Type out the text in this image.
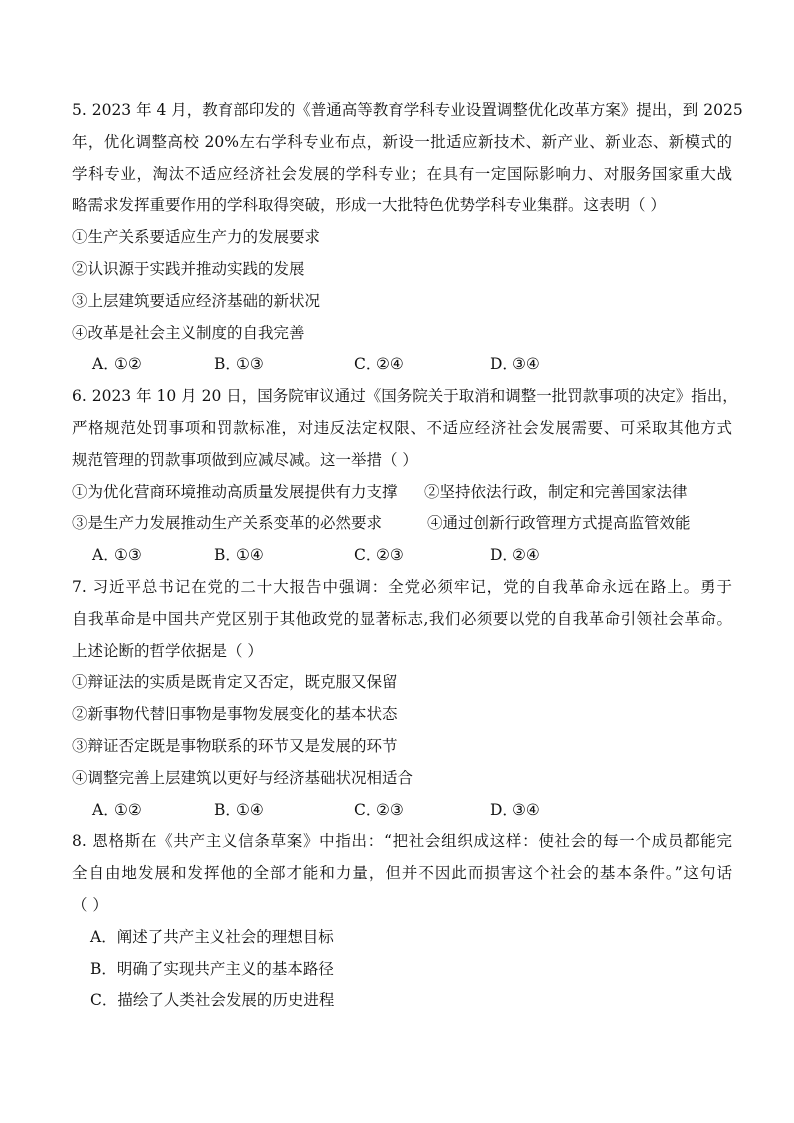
5. 2023 年 4 月，教育部印发的《普通高等教育学科专业设置调整优化改革方案》提出，到 2025
年，优化调整高校 20%左右学科专业布点，新设一批适应新技术、新产业、新业态、新模式的
学科专业，淘汰不适应经济社会发展的学科专业；在具有一定国际影响力、对服务国家重大战
略需求发挥重要作用的学科取得突破，形成一大批特色优势学科专业集群。这表明（ ）
①生产关系要适应生产力的发展要求
②认识源于实践并推动实践的发展
③上层建筑要适应经济基础的新状况
④改革是社会主义制度的自我完善
A．
①②	B．
①③	C．
②④	D．
③④
6. 2023 年 10 月 20 日，国务院审议通过《国务院关于取消和调整一批罚款事项的决定》指出，
严格规范处罚事项和罚款标准，对违反法定权限、不适应经济社会发展需要、可采取其他方式
规范管理的罚款事项做到应减尽减。这一举措（ ）
①为优化营商环境推动高质量发展提供有力支撑	②坚持依法行政，制定和完善国家法律
③是生产力发展推动生产关系变革的必然要求	④通过创新行政管理方式提高监管效能
A．
①③	B．
①④	C．
②③	D．
②④
7. 习近平总书记在党的二十大报告中强调：全党必须牢记，党的自我革命永远在路上。勇于
自我革命是中国共产党区别于其他政党的显著标志,我们必须要以党的自我革命引领社会革命。
上述论断的哲学依据是（ ）
①辩证法的实质是既肯定又否定，既克服又保留
②新事物代替旧事物是事物发展变化的基本状态
③辩证否定既是事物联系的环节又是发展的环节
④调整完善上层建筑以更好与经济基础状况相适合
A．
①②	B．
①④	C．
②③	D．
③④
8. 恩格斯在《共产主义信条草案》中指出：“把社会组织成这样：使社会的每一个成员都能完
全自由地发展和发挥他的全部才能和力量，但并不因此而损害这个社会的基本条件。”这句话
（ ）
A．阐述了共产主义社会的理想目标
B．明确了实现共产主义的基本路径
C．描绘了人类社会发展的历史进程
